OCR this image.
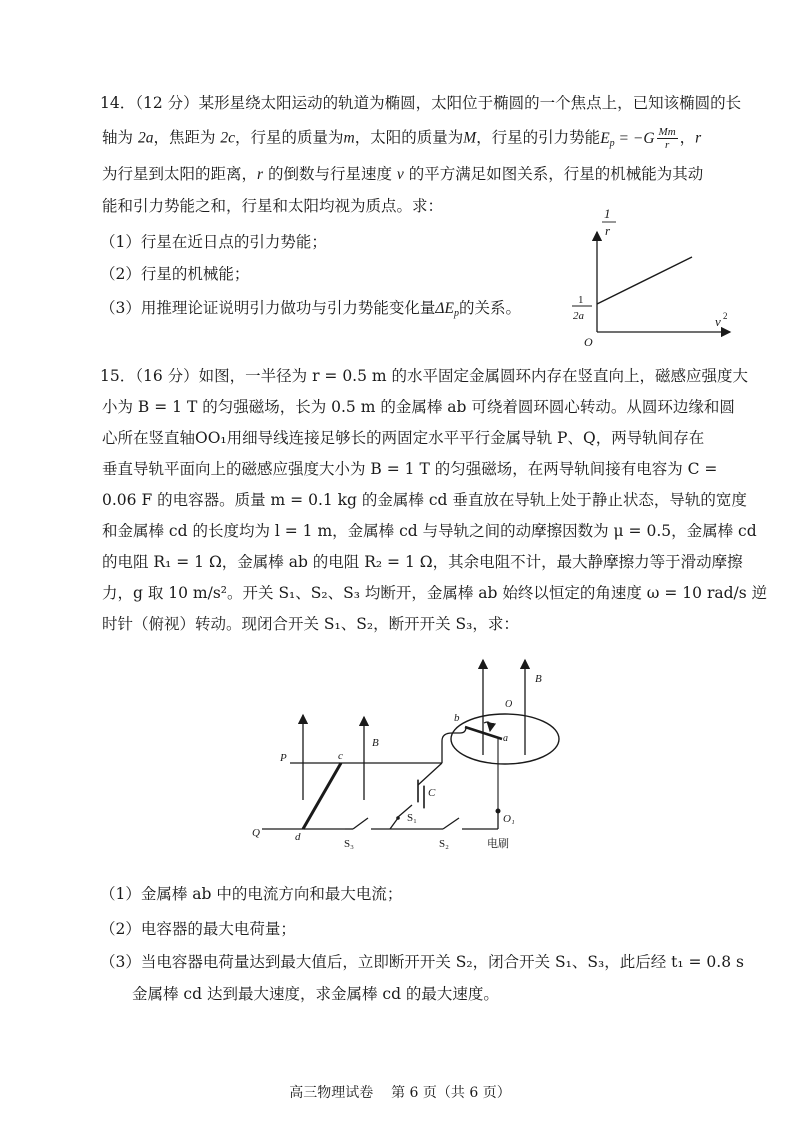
14．（12 分）某形星绕太阳运动的轨道为椭圆，太阳位于椭圆的一个焦点上，已知该椭圆的长
轴为 2a，焦距为 2c，行星的质量为m，太阳的质量为M，行星的引力势能$E_p = -G \frac{Mm}{r}$ ，r
为行星到太阳的距离，r 的倒数与行星速度 v 的平方满足如图关系，行星的机械能为其动
能和引力势能之和，行星和太阳均视为质点。求：
（1）行星在近日点的引力势能；
（2）行星的机械能；
（3）用推理论证说明引力做功与引力势能变化量$\Delta E_p$的关系。
1
r
1
2a
O
v 2
15．（16 分）如图，一半径为 r = 0.5 m 的水平固定金属圆环内存在竖直向上，磁感应强度大
小为 B = 1 T 的匀强磁场，长为 0.5 m 的金属棒 ab 可绕着圆环圆心转动。从圆环边缘和圆
心所在竖直轴OO₁用细导线连接足够长的两固定水平平行金属导轨 P、Q，两导轨间存在
垂直导轨平面向上的磁感应强度大小为 B = 1 T 的匀强磁场，在两导轨间接有电容为 C =
0.06 F 的电容器。质量 m = 0.1 kg 的金属棒 cd 垂直放在导轨上处于静止状态，导轨的宽度
和金属棒 cd 的长度均为 l = 1 m，金属棒 cd 与导轨之间的动摩擦因数为 μ = 0.5，金属棒 cd
的电阻 R₁ = 1 Ω，金属棒 ab 的电阻 R₂ = 1 Ω，其余电阻不计，最大静摩擦力等于滑动摩擦
力，g 取 10 m/s²。开关 S₁、S₂、S₃ 均断开，金属棒 ab 始终以恒定的角速度 ω = 10 rad/s 逆
时针（俯视）转动。现闭合开关 S₁、S₂，断开开关 S₃，求：
P
Q
c
d
B
B
C
S₁
S₃	S₂
a
b
O
O₁
电刷
（1）金属棒 ab 中的电流方向和最大电流；
（2）电容器的最大电荷量；
（3）当电容器电荷量达到最大值后，立即断开开关 S₂，闭合开关 S₁、S₃，此后经 t₁ = 0.8 s
金属棒 cd 达到最大速度，求金属棒 cd 的最大速度。
高三物理试卷 第 6 页（共 6 页）
